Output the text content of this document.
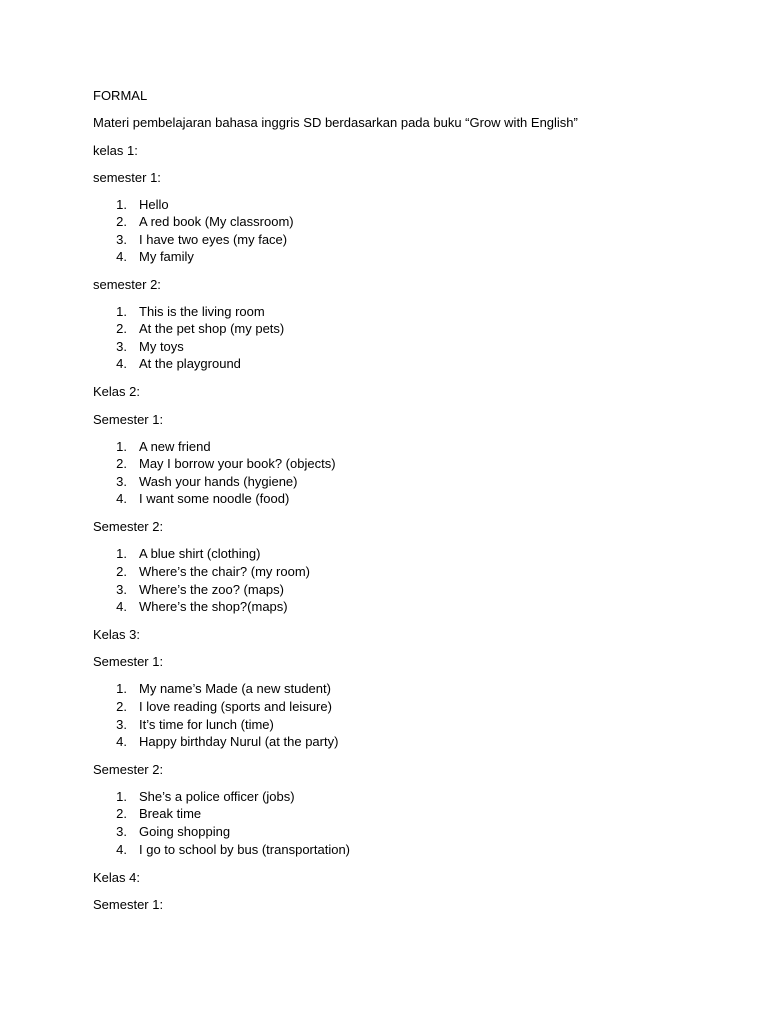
FORMAL
Materi pembelajaran bahasa inggris SD berdasarkan pada buku “Grow with English”
kelas 1:
semester 1:
1. Hello
2. A red book (My classroom)
3. I have two eyes (my face)
4. My family
semester 2:
1. This is the living room
2. At the pet shop (my pets)
3. My toys
4. At the playground
Kelas 2:
Semester 1:
1. A new friend
2. May I borrow your book? (objects)
3. Wash your hands (hygiene)
4. I want some noodle (food)
Semester 2:
1. A blue shirt (clothing)
2. Where’s the chair? (my room)
3. Where’s the zoo? (maps)
4. Where’s the shop?(maps)
Kelas 3:
Semester 1:
1. My name’s Made (a new student)
2. I love reading (sports and leisure)
3. It’s time for lunch (time)
4. Happy birthday Nurul (at the party)
Semester 2:
1. She’s a police officer (jobs)
2. Break time
3. Going shopping
4. I go to school by bus (transportation)
Kelas 4:
Semester 1:
